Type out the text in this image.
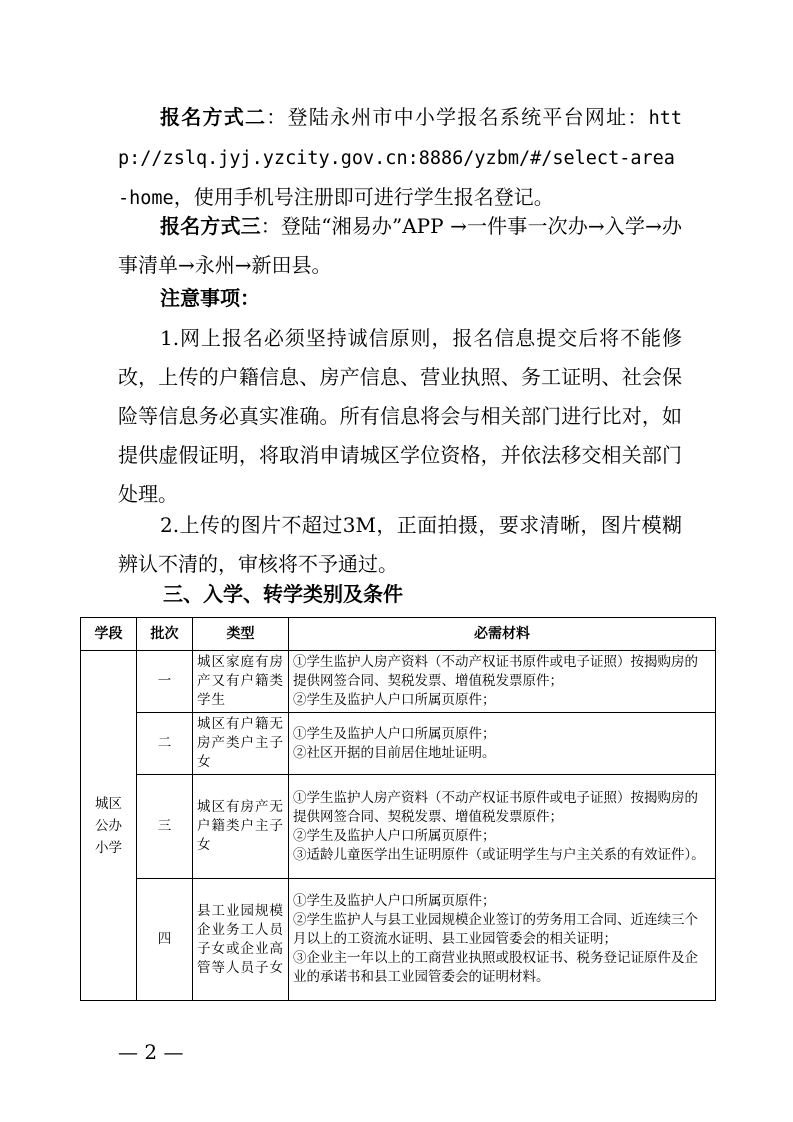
报名方式二：登陆永州市中小学报名系统平台网址：http://zslq.jyj.yzcity.gov.cn:8886/yzbm/#/select-area-home，使用手机号注册即可进行学生报名登记。

报名方式三：登陆“湘易办”APP →一件事一次办→入学→办事清单→永州→新田县。

注意事项：

1.网上报名必须坚持诚信原则，报名信息提交后将不能修改，上传的户籍信息、房产信息、营业执照、务工证明、社会保险等信息务必真实准确。所有信息将会与相关部门进行比对，如提供虚假证明，将取消申请城区学位资格，并依法移交相关部门处理。

2.上传的图片不超过3M，正面拍摄，要求清晰，图片模糊辨认不清的，审核将不予通过。

三、入学、转学类别及条件

学段	批次	类型	必需材料
城区公办小学	一	城区家庭有房产又有户籍类学生	①学生监护人房产资料（不动产权证书原件或电子证照）按揭购房的提供网签合同、契税发票、增值税发票原件；
②学生及监护人户口所属页原件；

	二	城区有户籍无房产类户主子女	①学生及监护人户口所属页原件；
②社区开据的目前居住地址证明。

	三	城区有房产无户籍类户主子女	①学生监护人房产资料（不动产权证书原件或电子证照）按揭购房的提供网签合同、契税发票、增值税发票原件；
②学生及监护人户口所属页原件；
③适龄儿童医学出生证明原件（或证明学生与户主关系的有效证件）。

	四	县工业园规模企业务工人员子女或企业高管等人员子女	①学生及监护人户口所属页原件；
②学生监护人与县工业园规模企业签订的劳务用工合同、近连续三个月以上的工资流水证明、县工业园管委会的相关证明；
③企业主一年以上的工商营业执照或股权证书、税务登记证原件及企业的承诺书和县工业园管委会的证明材料。
— 2 —
